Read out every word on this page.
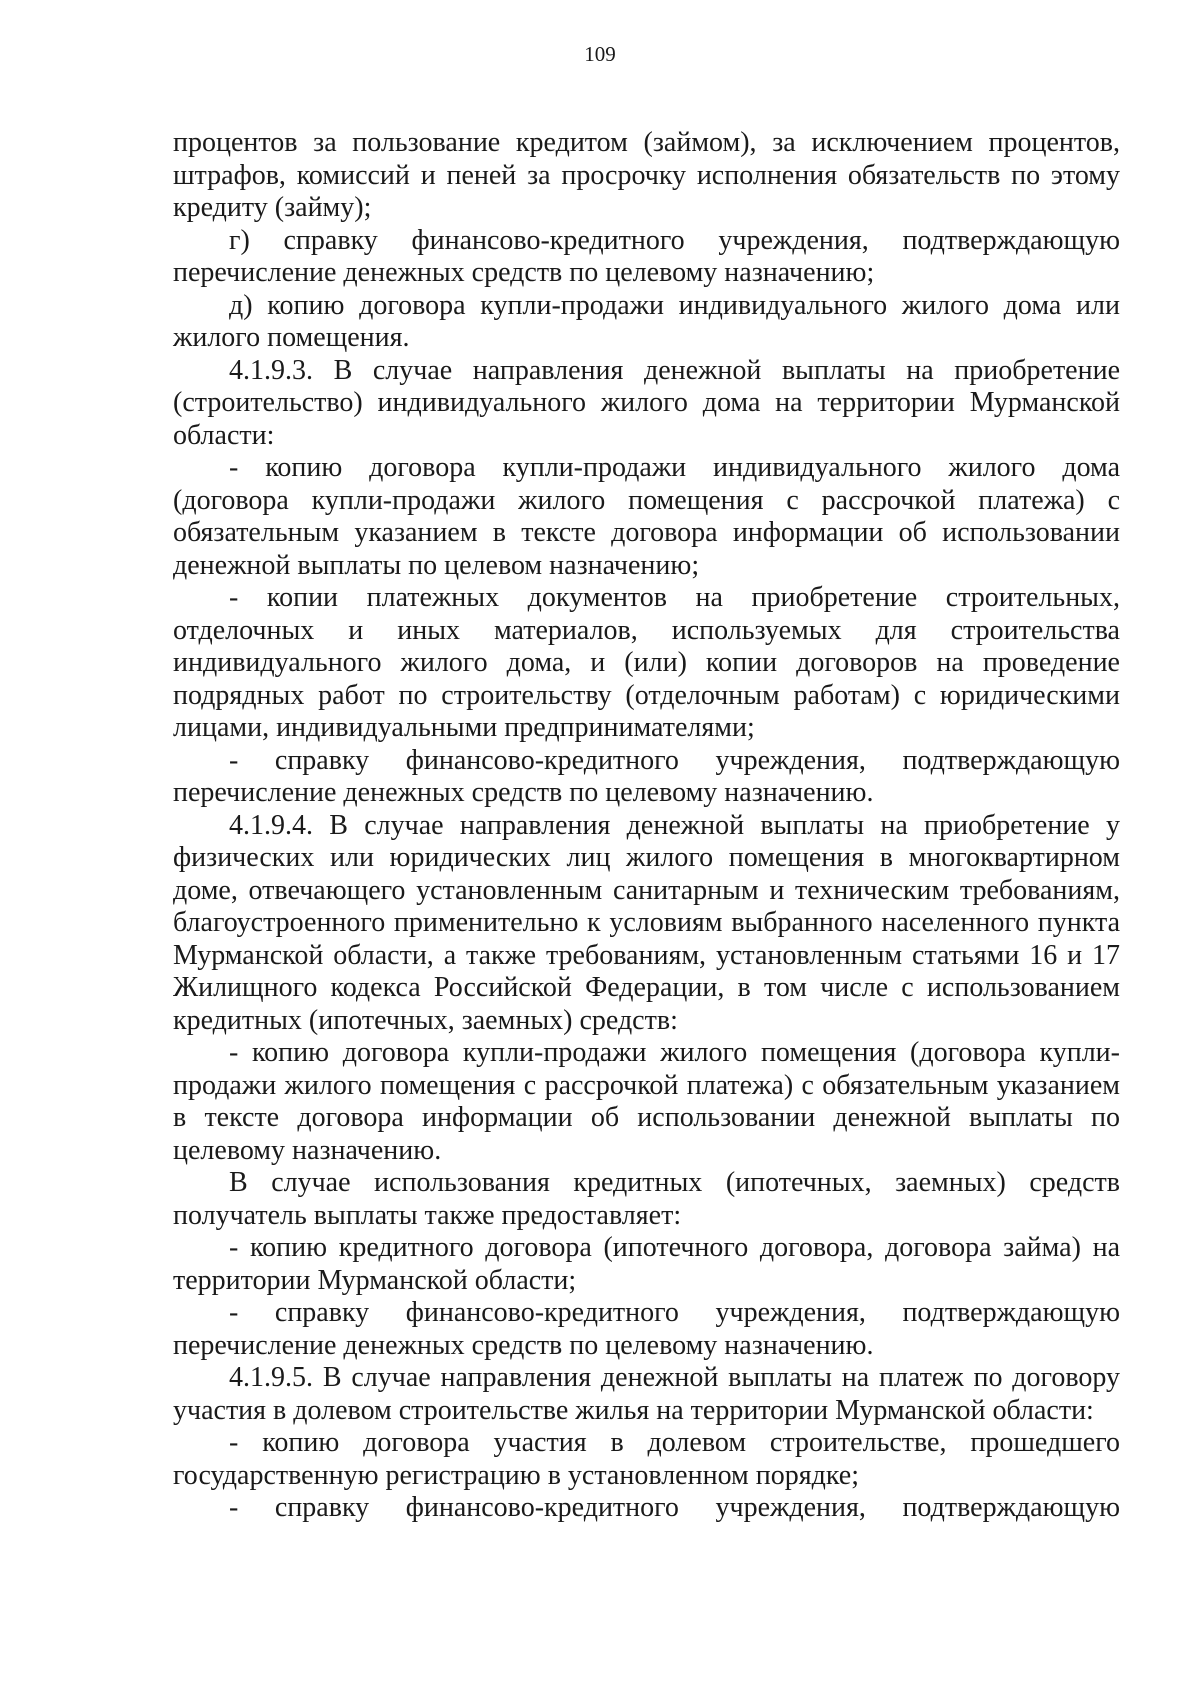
109

процентов за пользование кредитом (займом), за исключением процентов, штрафов, комиссий и пеней за просрочку исполнения обязательств по этому кредиту (займу);

г) справку финансово-кредитного учреждения, подтверждающую перечисление денежных средств по целевому назначению;

д) копию договора купли-продажи индивидуального жилого дома или жилого помещения.

4.1.9.3. В случае направления денежной выплаты на приобретение (строительство) индивидуального жилого дома на территории Мурманской области:

- копию договора купли-продажи индивидуального жилого дома (договора купли-продажи жилого помещения с рассрочкой платежа) с обязательным указанием в тексте договора информации об использовании денежной выплаты по целевом назначению;

- копии платежных документов на приобретение строительных, отделочных и иных материалов, используемых для строительства индивидуального жилого дома, и (или) копии договоров на проведение подрядных работ по строительству (отделочным работам) с юридическими лицами, индивидуальными предпринимателями;

- справку финансово-кредитного учреждения, подтверждающую перечисление денежных средств по целевому назначению.

4.1.9.4. В случае направления денежной выплаты на приобретение у физических или юридических лиц жилого помещения в многоквартирном доме, отвечающего установленным санитарным и техническим требованиям, благоустроенного применительно к условиям выбранного населенного пункта Мурманской области, а также требованиям, установленным статьями 16 и 17 Жилищного кодекса Российской Федерации, в том числе с использованием кредитных (ипотечных, заемных) средств:

- копию договора купли-продажи жилого помещения (договора купли-продажи жилого помещения с рассрочкой платежа) с обязательным указанием в тексте договора информации об использовании денежной выплаты по целевому назначению.

В случае использования кредитных (ипотечных, заемных) средств получатель выплаты также предоставляет:

- копию кредитного договора (ипотечного договора, договора займа) на территории Мурманской области;

- справку финансово-кредитного учреждения, подтверждающую перечисление денежных средств по целевому назначению.

4.1.9.5. В случае направления денежной выплаты на платеж по договору участия в долевом строительстве жилья на территории Мурманской области:

- копию договора участия в долевом строительстве, прошедшего государственную регистрацию в установленном порядке;

- справку финансово-кредитного учреждения, подтверждающую
